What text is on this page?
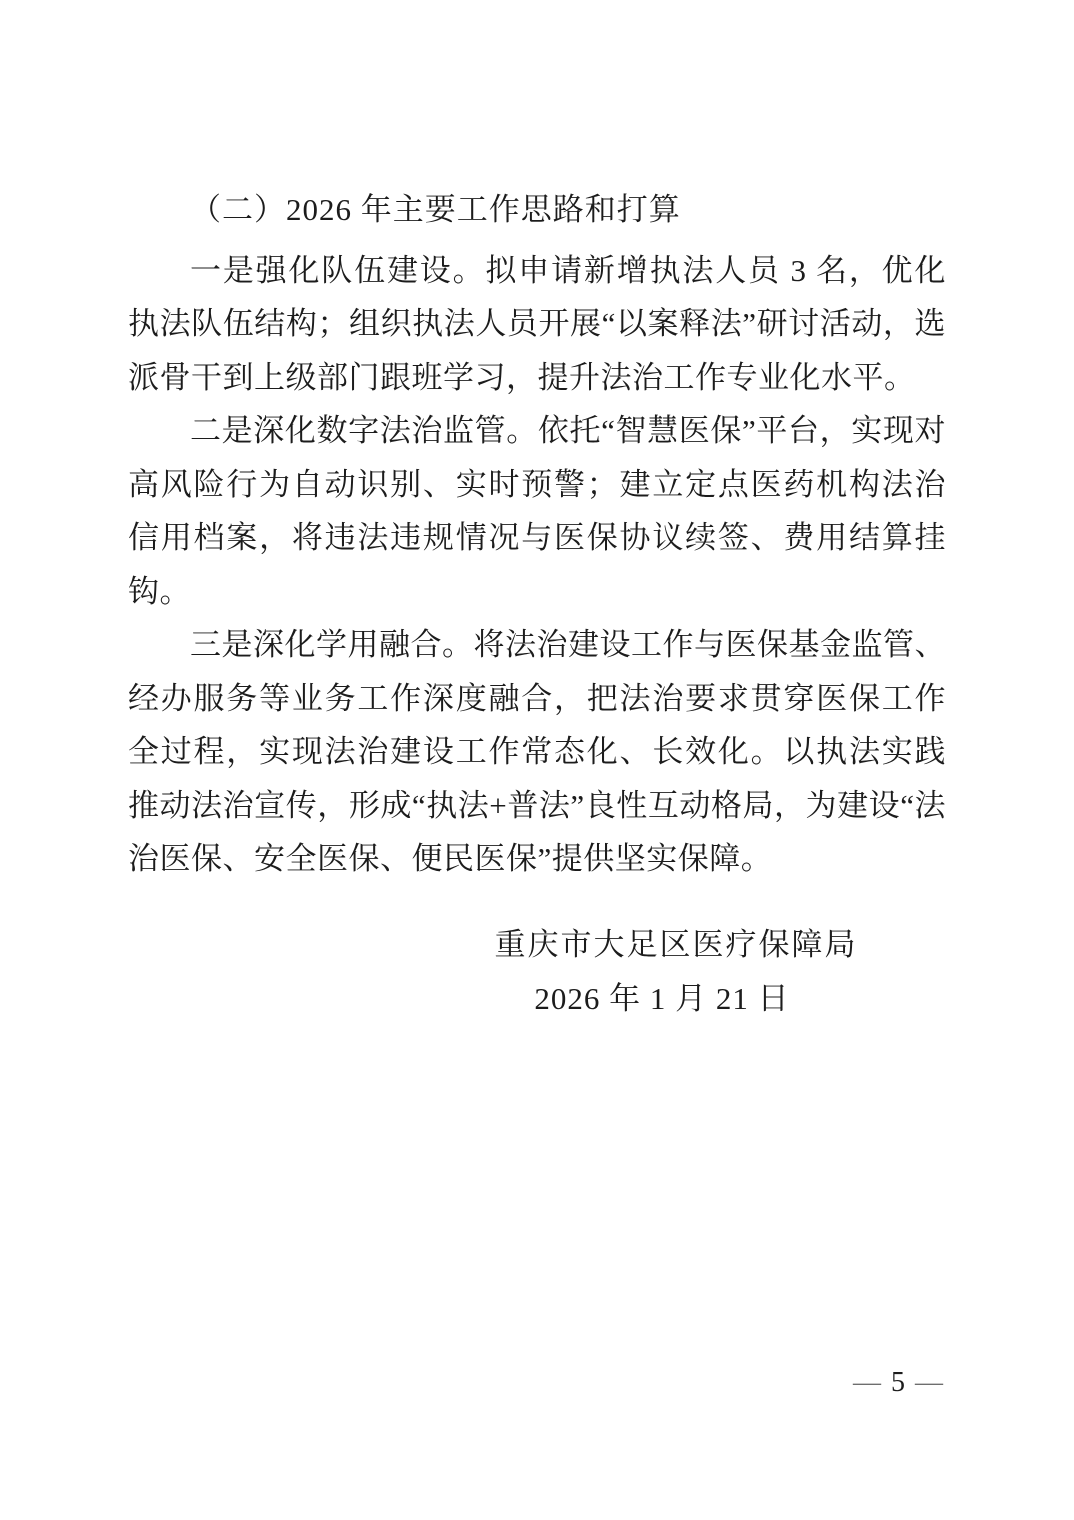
（二）2026 年主要工作思路和打算

一是强化队伍建设。拟申请新增执法人员 3 名，优化执法队伍结构；组织执法人员开展“以案释法”研讨活动，选派骨干到上级部门跟班学习，提升法治工作专业化水平。

二是深化数字法治监管。依托“智慧医保”平台，实现对高风险行为自动识别、实时预警；建立定点医药机构法治信用档案，将违法违规情况与医保协议续签、费用结算挂钩。

三是深化学用融合。将法治建设工作与医保基金监管、经办服务等业务工作深度融合，把法治要求贯穿医保工作全过程，实现法治建设工作常态化、长效化。以执法实践推动法治宣传，形成“执法+普法”良性互动格局，为建设“法治医保、安全医保、便民医保”提供坚实保障。

重庆市大足区医疗保障局
2026 年 1 月 21 日
— 5 —
